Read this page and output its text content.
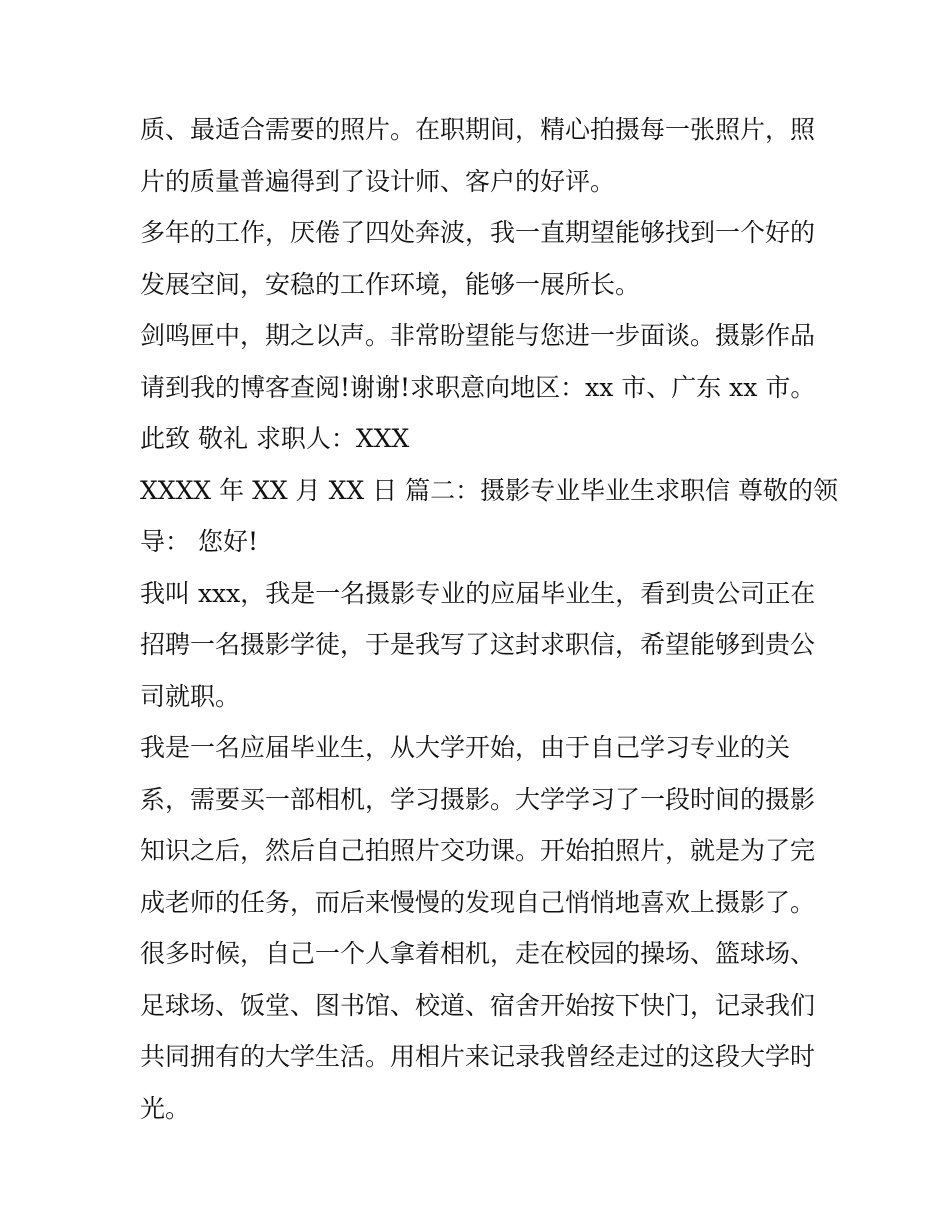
质、最适合需要的照片。在职期间，精心拍摄每一张照片，照

片的质量普遍得到了设计师、客户的好评。

多年的工作，厌倦了四处奔波，我一直期望能够找到一个好的

发展空间，安稳的工作环境，能够一展所长。

剑鸣匣中，期之以声。非常盼望能与您进一步面谈。摄影作品

请到我的博客查阅!谢谢!求职意向地区：xx 市、广东 xx 市。

此致 敬礼 求职人：XXX

XXXX 年 XX 月 XX 日 篇二：摄影专业毕业生求职信 尊敬的领

导： 您好!

我叫 xxx，我是一名摄影专业的应届毕业生，看到贵公司正在

招聘一名摄影学徒，于是我写了这封求职信，希望能够到贵公

司就职。

我是一名应届毕业生，从大学开始，由于自己学习专业的关

系，需要买一部相机，学习摄影。大学学习了一段时间的摄影

知识之后，然后自己拍照片交功课。开始拍照片，就是为了完

成老师的任务，而后来慢慢的发现自己悄悄地喜欢上摄影了。

很多时候，自己一个人拿着相机，走在校园的操场、篮球场、

足球场、饭堂、图书馆、校道、宿舍开始按下快门，记录我们

共同拥有的大学生活。用相片来记录我曾经走过的这段大学时

光。
